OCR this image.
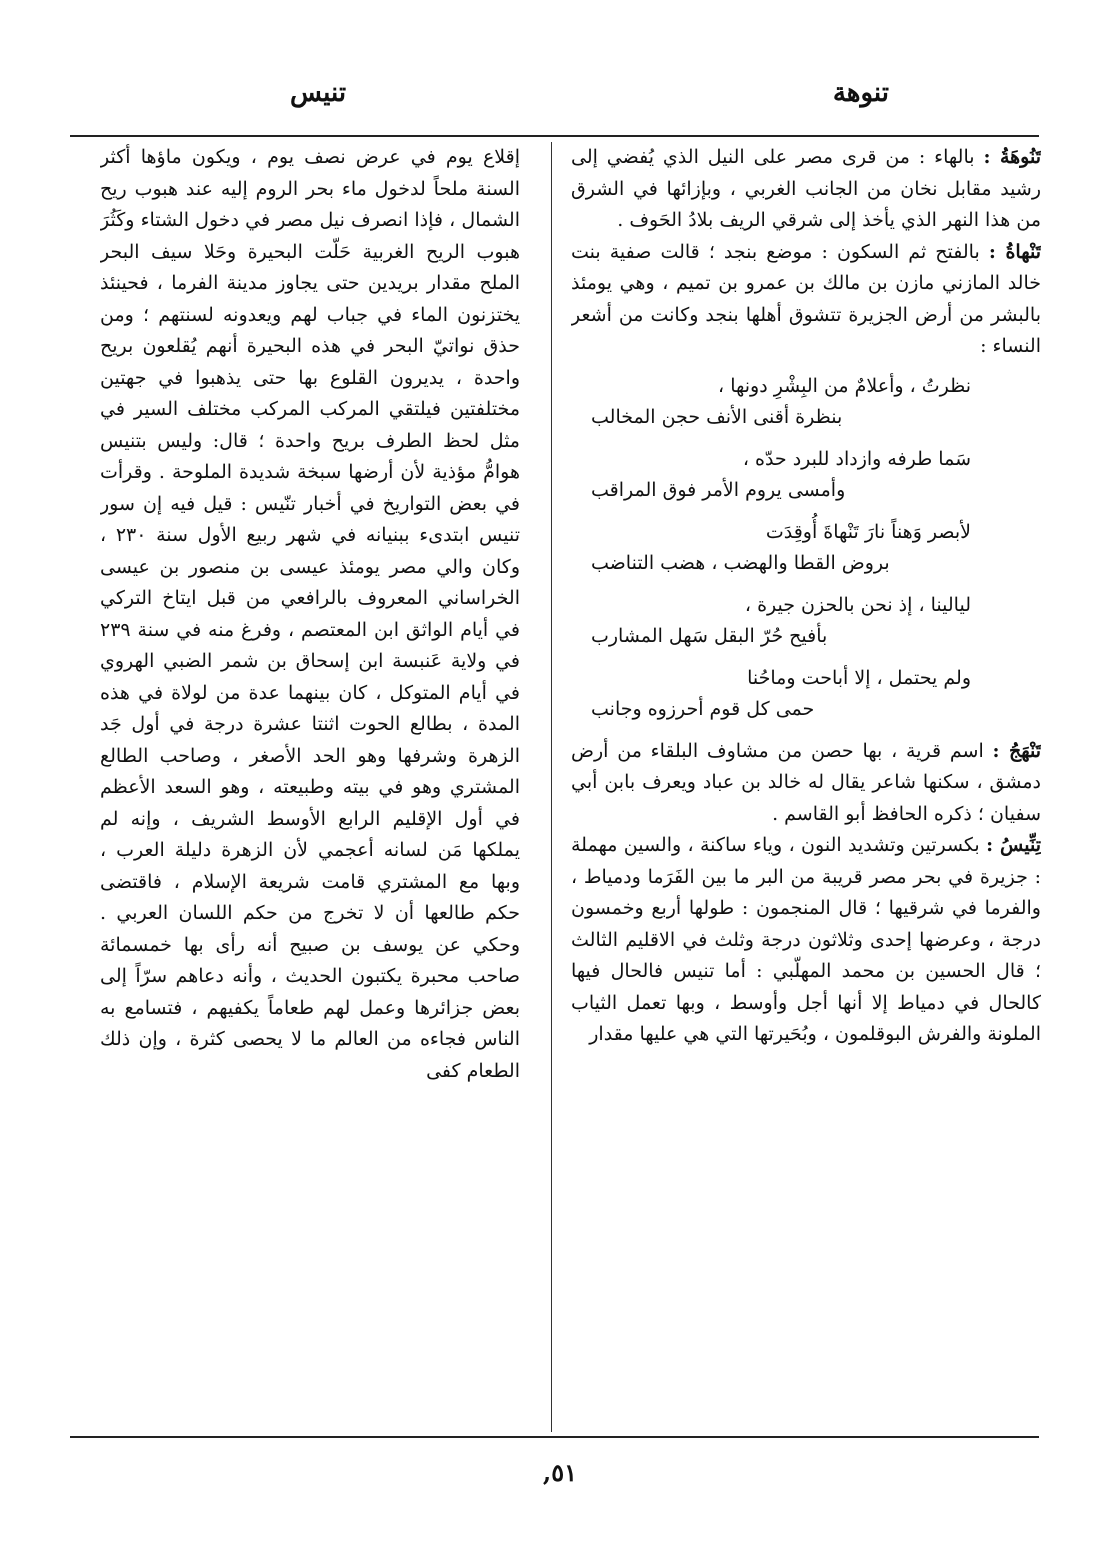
تنوهة
تنيس

تَنُوهَةُ : بالهاء : من قرى مصر على النيل الذي يُفضي إلى رشيد مقابل نخان من الجانب الغربي ، وبإزائها في الشرق من هذا النهر الذي يأخذ إلى شرقي الريف بلادُ الحَوف .

تَنْهاةُ : بالفتح ثم السكون : موضع بنجد ؛ قالت صفية بنت خالد المازني مازن بن مالك بن عمرو بن تميم ، وهي يومئذ بالبشر من أرض الجزيرة تتشوق أهلها بنجد وكانت من أشعر النساء :

نظرتُ ، وأعلامٌ من البِشْرِ دونها ،
بنظرة أقنى الأنف حجن المخالب
سَما طرفه وازداد للبرد حدّه ،
وأمسى يروم الأمر فوق المراقب
لأبصر وَهناً نارَ تَنْهاةَ أُوقِدَت
بروض القطا والهضب ، هضب التناضب
ليالينا ، إذ نحن بالحزن جيرة ،
بأفيح حُرّ البقل سَهل المشارب
ولم يحتمل ، إلا أباحت وماحُنا
حمى كل قوم أحرزوه وجانب

تَنْهَجُ : اسم قرية ، بها حصن من مشاوف البلقاء من أرض دمشق ، سكنها شاعر يقال له خالد بن عباد ويعرف بابن أبي سفيان ؛ ذكره الحافظ أبو القاسم .

تِنِّيسُ : بكسرتين وتشديد النون ، وياء ساكنة ، والسين مهملة : جزيرة في بحر مصر قريبة من البر ما بين الفَرَما ودمياط ، والفرما في شرقيها ؛ قال المنجمون : طولها أربع وخمسون درجة ، وعرضها إحدى وثلاثون درجة وثلث في الاقليم الثالث ؛ قال الحسين بن محمد المهلّبي : أما تنيس فالحال فيها كالحال في دمياط إلا أنها أجل وأوسط ، وبها تعمل الثياب الملونة والفرش البوقلمون ، وبُحَيرتها التي هي عليها مقدار

إقلاع يوم في عرض نصف يوم ، ويكون ماؤها أكثر السنة ملحاً لدخول ماء بحر الروم إليه عند هبوب ريح الشمال ، فإذا انصرف نيل مصر في دخول الشتاء وكَثُرَ هبوب الريح الغربية حَلّت البحيرة وحَلا سيف البحر الملح مقدار بريدين حتى يجاوز مدينة الفرما ، فحينئذ يختزنون الماء في جباب لهم ويعدونه لسنتهم ؛ ومن حذق نواتيّ البحر في هذه البحيرة أنهم يُقلعون بريح واحدة ، يديرون القلوع بها حتى يذهبوا في جهتين مختلفتين فيلتقي المركب المركب مختلف السير في مثل لحظ الطرف بريح واحدة ؛ قال: وليس بتنيس هوامُّ مؤذية لأن أرضها سبخة شديدة الملوحة . وقرأت في بعض التواريخ في أخبار تنّيس : قيل فيه إن سور تنيس ابتدىء ببنيانه في شهر ربيع الأول سنة ٢٣٠ ، وكان والي مصر يومئذ عيسى بن منصور بن عيسى الخراساني المعروف بالرافعي من قبل ايتاخ التركي في أيام الواثق ابن المعتصم ، وفرغ منه في سنة ٢٣٩ في ولاية عَنبسة ابن إسحاق بن شمر الضبي الهروي في أيام المتوكل ، كان بينهما عدة من لولاة في هذه المدة ، بطالع الحوت اثنتا عشرة درجة في أول جَد الزهرة وشرفها وهو الحد الأصغر ، وصاحب الطالع المشتري وهو في بيته وطبيعته ، وهو السعد الأعظم في أول الإقليم الرابع الأوسط الشريف ، وإنه لم يملكها مَن لسانه أعجمي لأن الزهرة دليلة العرب ، وبها مع المشتري قامت شريعة الإسلام ، فاقتضى حكم طالعها أن لا تخرج من حكم اللسان العربي . وحكي عن يوسف بن صبيح أنه رأى بها خمسمائة صاحب محبرة يكتبون الحديث ، وأنه دعاهم سرّاً إلى بعض جزائرها وعمل لهم طعاماً يكفيهم ، فتسامع به الناس فجاءه من العالم ما لا يحصى كثرة ، وإن ذلك الطعام كفى

٥١,
